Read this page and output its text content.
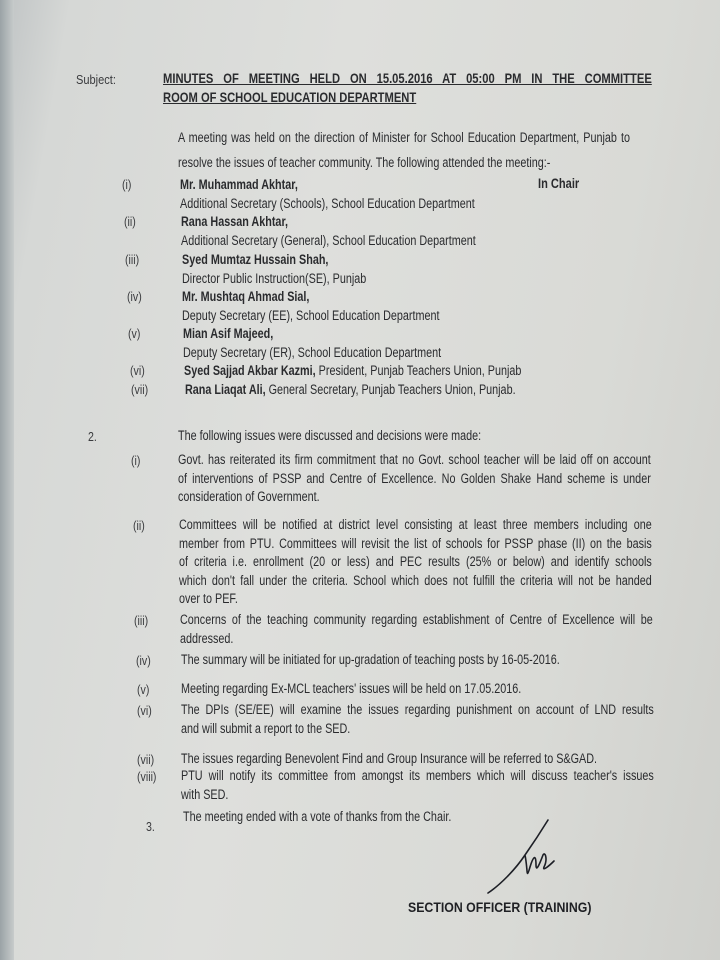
Subject:	MINUTES OF MEETING HELD ON 15.05.2016 AT 05:00 PM IN THE COMMITTEE
ROOM OF SCHOOL EDUCATION DEPARTMENT
A meeting was held on the direction of Minister for School Education Department, Punjab to
resolve the issues of teacher community. The following attended the meeting:-
In Chair
(i)	Mr. Muhammad Akhtar,
Additional Secretary (Schools), School Education Department
(ii)	Rana Hassan Akhtar,
Additional Secretary (General), School Education Department
(iii)	Syed Mumtaz Hussain Shah,
Director Public Instruction(SE), Punjab
(iv)	Mr. Mushtaq Ahmad Sial,
Deputy Secretary (EE), School Education Department
(v)	Mian Asif Majeed,
Deputy Secretary (ER), School Education Department
(vi)	Syed Sajjad Akbar Kazmi, President, Punjab Teachers Union, Punjab
(vii)	Rana Liaqat Ali, General Secretary, Punjab Teachers Union, Punjab.
2.	The following issues were discussed and decisions were made:
(i)	Govt. has reiterated its firm commitment that no Govt. school teacher will be laid off on account
of interventions of PSSP and Centre of Excellence. No Golden Shake Hand scheme is under
consideration of Government.
(ii)	Committees will be notified at district level consisting at least three members including one
member from PTU. Committees will revisit the list of schools for PSSP phase (II) on the basis
of criteria i.e. enrollment (20 or less) and PEC results (25% or below) and identify schools
which don't fall under the criteria. School which does not fulfill the criteria will not be handed
over to PEF.
(iii) Concerns of the teaching community regarding establishment of Centre of Excellence will be
addressed.
(iv) The summary will be initiated for up-gradation of teaching posts by 16-05-2016.
(v) Meeting regarding Ex-MCL teachers' issues will be held on 17.05.2016.
(vi) The DPIs (SE/EE) will examine the issues regarding punishment on account of LND results
and will submit a report to the SED.
(vii) The issues regarding Benevolent Find and Group Insurance will be referred to S&GAD.
(viii) PTU will notify its committee from amongst its members which will discuss teacher's issues
with SED.
3.
The meeting ended with a vote of thanks from the Chair.
SECTION OFFICER (TRAINING)
